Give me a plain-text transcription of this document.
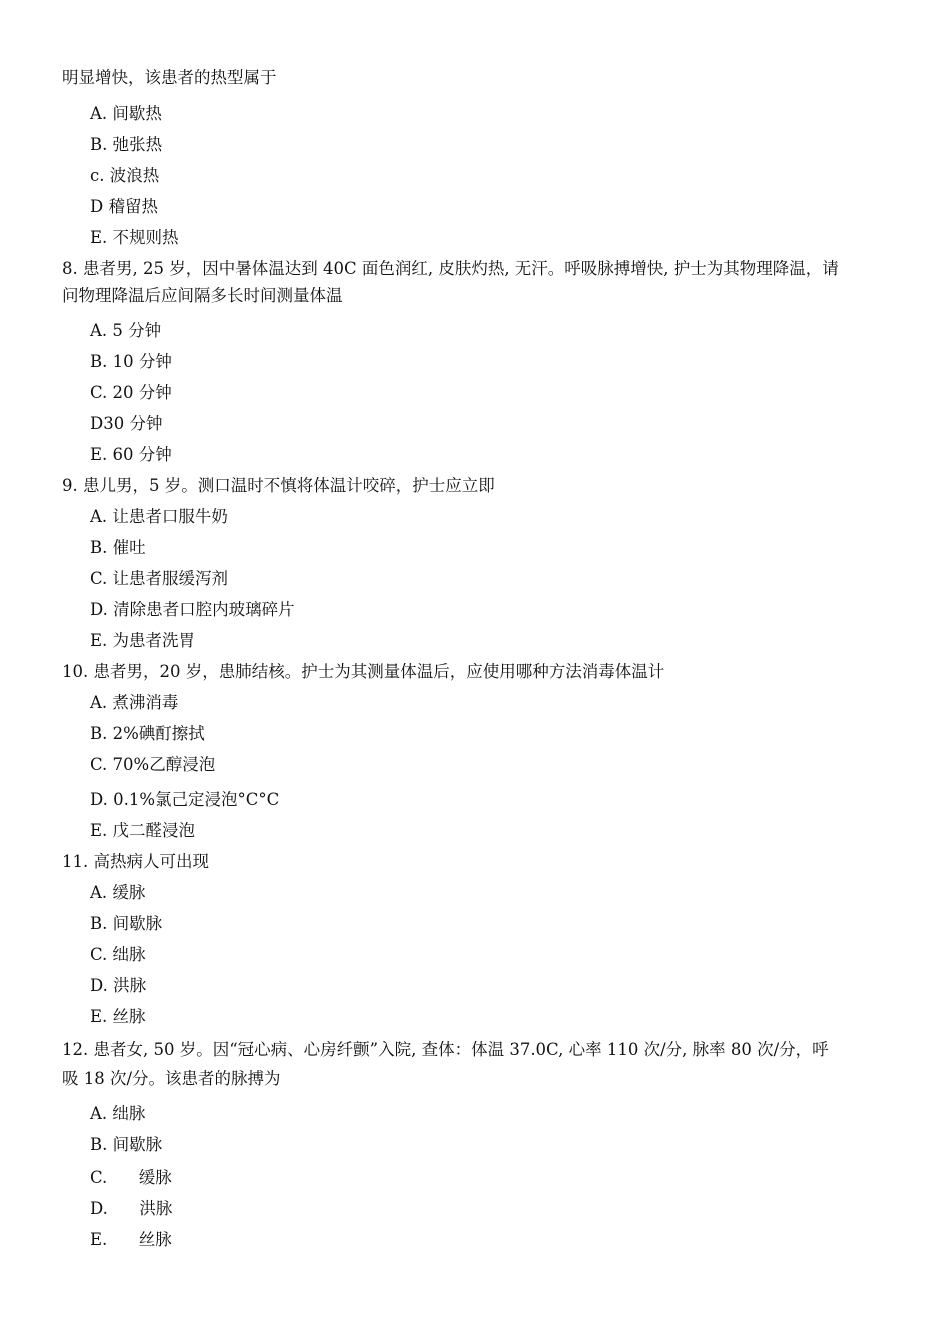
明显增快，该患者的热型属于
A. 间歇热
B. 弛张热
c. 波浪热
D 稽留热
E. 不规则热
8. 患者男, 25 岁，因中暑体温达到 40C 面色润红, 皮肤灼热, 无汗。呼吸脉搏增快, 护士为其物理降温，请
问物理降温后应间隔多长时间测量体温
A. 5 分钟
B. 10 分钟
C. 20 分钟
D30 分钟
E. 60 分钟
9. 患儿男，5 岁。测口温时不慎将体温计咬碎，护士应立即
A. 让患者口服牛奶
B. 催吐
C. 让患者服缓泻剂
D. 清除患者口腔内玻璃碎片
E. 为患者洗胃
10. 患者男，20 岁，患肺结核。护士为其测量体温后，应使用哪种方法消毒体温计
A. 煮沸消毒
B. 2%碘酊擦拭
C. 70%乙醇浸泡
D. 0.1%氯己定浸泡°C°C
E. 戊二醛浸泡
11. 高热病人可出现
A. 缓脉
B. 间歇脉
C. 绌脉
D. 洪脉
E. 丝脉
12. 患者女, 50 岁。因“冠心病、心房纤颤”入院, 查体：体温 37.0C, 心率 110 次/分, 脉率 80 次/分，呼
吸 18 次/分。该患者的脉搏为
A. 绌脉
B. 间歇脉
C.      缓脉
D.      洪脉
E.      丝脉
